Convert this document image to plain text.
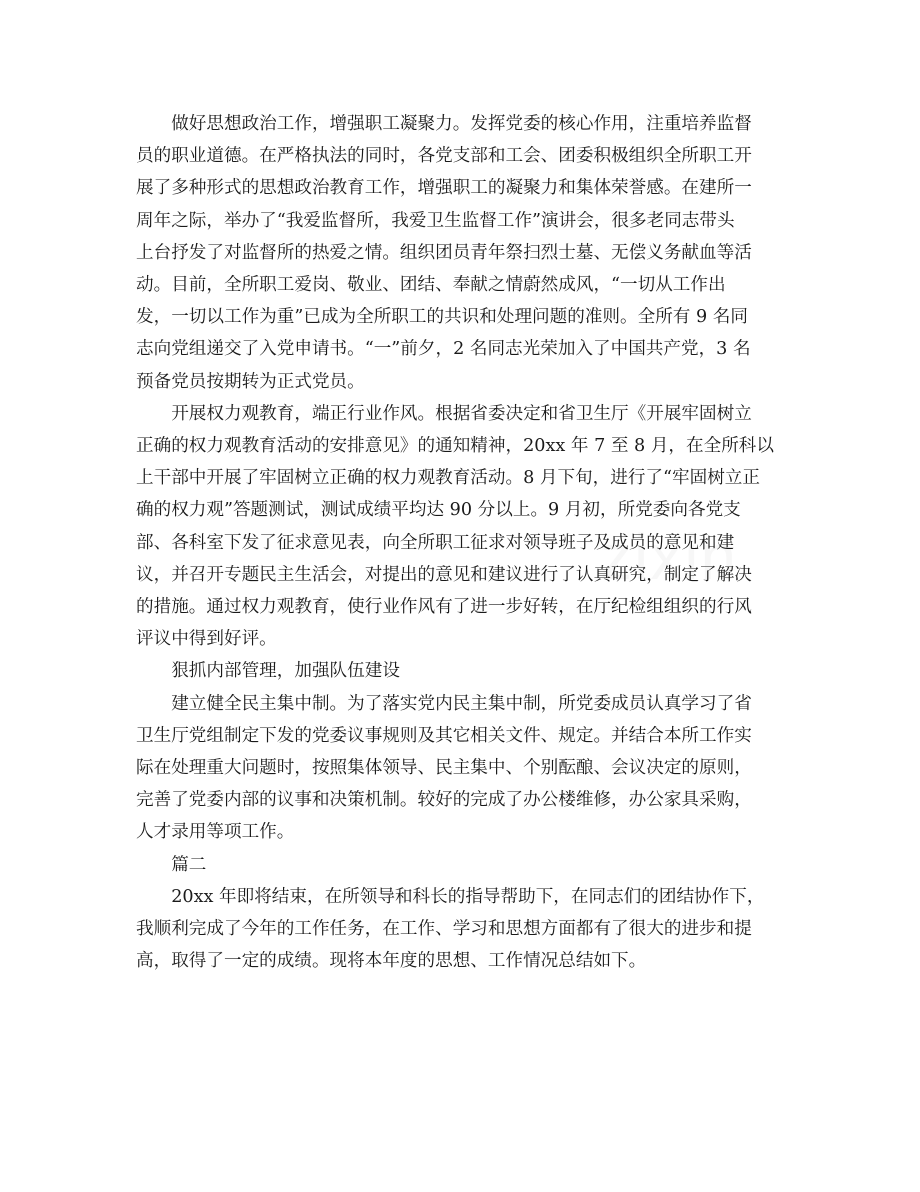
做好思想政治工作，增强职工凝聚力。发挥党委的核心作用，注重培养监督
员的职业道德。在严格执法的同时，各党支部和工会、团委积极组织全所职工开
展了多种形式的思想政治教育工作，增强职工的凝聚力和集体荣誉感。在建所一
周年之际，举办了“我爱监督所，我爱卫生监督工作”演讲会，很多老同志带头
上台抒发了对监督所的热爱之情。组织团员青年祭扫烈士墓、无偿义务献血等活
动。目前，全所职工爱岗、敬业、团结、奉献之情蔚然成风，“一切从工作出
发，一切以工作为重”已成为全所职工的共识和处理问题的准则。全所有 9 名同
志向党组递交了入党申请书。“一”前夕，2 名同志光荣加入了中国共产党，3 名
预备党员按期转为正式党员。

开展权力观教育，端正行业作风。根据省委决定和省卫生厅《开展牢固树立
正确的权力观教育活动的安排意见》的通知精神，20xx 年 7 至 8 月，在全所科以
上干部中开展了牢固树立正确的权力观教育活动。8 月下旬，进行了“牢固树立正
确的权力观”答题测试，测试成绩平均达 90 分以上。9 月初，所党委向各党支
部、各科室下发了征求意见表，向全所职工征求对领导班子及成员的意见和建
议，并召开专题民主生活会，对提出的意见和建议进行了认真研究，制定了解决
的措施。通过权力观教育，使行业作风有了进一步好转，在厅纪检组组织的行风
评议中得到好评。

狠抓内部管理，加强队伍建设

建立健全民主集中制。为了落实党内民主集中制，所党委成员认真学习了省
卫生厅党组制定下发的党委议事规则及其它相关文件、规定。并结合本所工作实
际在处理重大问题时，按照集体领导、民主集中、个别酝酿、会议决定的原则，
完善了党委内部的议事和决策机制。较好的完成了办公楼维修，办公家具采购，
人才录用等项工作。

篇二

20xx 年即将结束，在所领导和科长的指导帮助下，在同志们的团结协作下，
我顺利完成了今年的工作任务，在工作、学习和思想方面都有了很大的进步和提
高，取得了一定的成绩。现将本年度的思想、工作情况总结如下。
